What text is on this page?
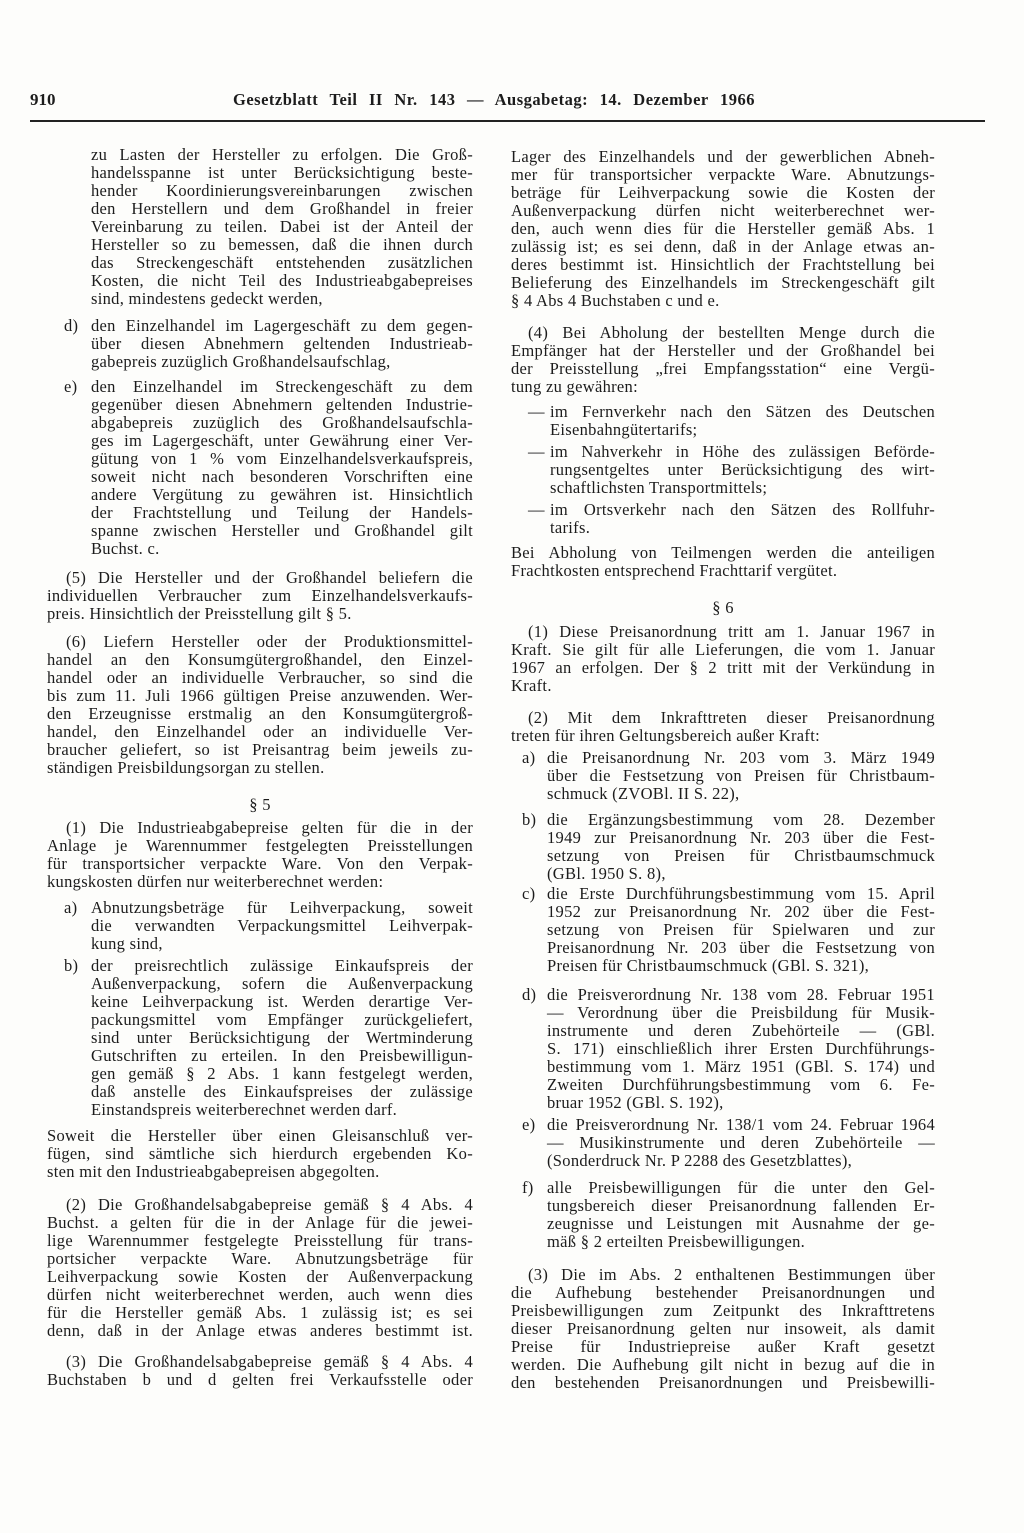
910	Gesetzblatt Teil II Nr. 143 — Ausgabetag: 14. Dezember 1966
zu Lasten der Hersteller zu erfolgen. Die Groß-
handelsspanne ist unter Berücksichtigung beste-
hender Koordinierungsvereinbarungen zwischen
den Herstellern und dem Großhandel in freier
Vereinbarung zu teilen. Dabei ist der Anteil der
Hersteller so zu bemessen, daß die ihnen durch
das Streckengeschäft entstehenden zusätzlichen
Kosten, die nicht Teil des Industrieabgabepreises
sind, mindestens gedeckt werden,
d) den Einzelhandel im Lagergeschäft zu dem gegen-
über diesen Abnehmern geltenden Industrieab-
gabepreis zuzüglich Großhandelsaufschlag,
e) den Einzelhandel im Streckengeschäft zu dem
gegenüber diesen Abnehmern geltenden Industrie-
abgabepreis zuzüglich des Großhandelsaufschla-
ges im Lagergeschäft, unter Gewährung einer Ver-
gütung von 1 % vom Einzelhandelsverkaufspreis,
soweit nicht nach besonderen Vorschriften eine
andere Vergütung zu gewähren ist. Hinsichtlich
der Frachtstellung und Teilung der Handels-
spanne zwischen Hersteller und Großhandel gilt
Buchst. c.
(5) Die Hersteller und der Großhandel beliefern die
individuellen Verbraucher zum Einzelhandelsverkaufs-
preis. Hinsichtlich der Preisstellung gilt § 5.
(6) Liefern Hersteller oder der Produktionsmittel-
handel an den Konsumgütergroßhandel, den Einzel-
handel oder an individuelle Verbraucher, so sind die
bis zum 11. Juli 1966 gültigen Preise anzuwenden. Wer-
den Erzeugnisse erstmalig an den Konsumgütergroß-
handel, den Einzelhandel oder an individuelle Ver-
braucher geliefert, so ist Preisantrag beim jeweils zu-
ständigen Preisbildungsorgan zu stellen.
§ 5
(1) Die Industrieabgabepreise gelten für die in der
Anlage je Warennummer festgelegten Preisstellungen
für transportsicher verpackte Ware. Von den Verpak-
kungskosten dürfen nur weiterberechnet werden:
a) Abnutzungsbeträge für Leihverpackung, soweit
die verwandten Verpackungsmittel Leihverpak-
kung sind,
b) der preisrechtlich zulässige Einkaufspreis der
Außenverpackung, sofern die Außenverpackung
keine Leihverpackung ist. Werden derartige Ver-
packungsmittel vom Empfänger zurückgeliefert,
sind unter Berücksichtigung der Wertminderung
Gutschriften zu erteilen. In den Preisbewilligun-
gen gemäß § 2 Abs. 1 kann festgelegt werden,
daß anstelle des Einkaufspreises der zulässige
Einstandspreis weiterberechnet werden darf.
Soweit die Hersteller über einen Gleisanschluß ver-
fügen, sind sämtliche sich hierdurch ergebenden Ko-
sten mit den Industrieabgabepreisen abgegolten.
(2) Die Großhandelsabgabepreise gemäß § 4 Abs. 4
Buchst. a gelten für die in der Anlage für die jewei-
lige Warennummer festgelegte Preisstellung für trans-
portsicher verpackte Ware. Abnutzungsbeträge für
Leihverpackung sowie Kosten der Außenverpackung
dürfen nicht weiterberechnet werden, auch wenn dies
für die Hersteller gemäß Abs. 1 zulässig ist; es sei
denn, daß in der Anlage etwas anderes bestimmt ist.
(3) Die Großhandelsabgabepreise gemäß § 4 Abs. 4
Buchstaben b und d gelten frei Verkaufsstelle oder
Lager des Einzelhandels und der gewerblichen Abneh-
mer für transportsicher verpackte Ware. Abnutzungs-
beträge für Leihverpackung sowie die Kosten der
Außenverpackung dürfen nicht weiterberechnet wer-
den, auch wenn dies für die Hersteller gemäß Abs. 1
zulässig ist; es sei denn, daß in der Anlage etwas an-
deres bestimmt ist. Hinsichtlich der Frachtstellung bei
Belieferung des Einzelhandels im Streckengeschäft gilt
§ 4 Abs 4 Buchstaben c und e.
(4) Bei Abholung der bestellten Menge durch die
Empfänger hat der Hersteller und der Großhandel bei
der Preisstellung „frei Empfangsstation“ eine Vergü-
tung zu gewähren:
— im Fernverkehr nach den Sätzen des Deutschen
Eisenbahngütertarifs;
— im Nahverkehr in Höhe des zulässigen Beförde-
rungsentgeltes unter Berücksichtigung des wirt-
schaftlichsten Transportmittels;
— im Ortsverkehr nach den Sätzen des Rollfuhr-
tarifs.
Bei Abholung von Teilmengen werden die anteiligen
Frachtkosten entsprechend Frachttarif vergütet.
§ 6
(1) Diese Preisanordnung tritt am 1. Januar 1967 in
Kraft. Sie gilt für alle Lieferungen, die vom 1. Januar
1967 an erfolgen. Der § 2 tritt mit der Verkündung in
Kraft.
(2) Mit dem Inkrafttreten dieser Preisanordnung
treten für ihren Geltungsbereich außer Kraft:
a) die Preisanordnung Nr. 203 vom 3. März 1949
über die Festsetzung von Preisen für Christbaum-
schmuck (ZVOBl. II S. 22),
b) die Ergänzungsbestimmung vom 28. Dezember
1949 zur Preisanordnung Nr. 203 über die Fest-
setzung von Preisen für Christbaumschmuck
(GBl. 1950 S. 8),
c) die Erste Durchführungsbestimmung vom 15. April
1952 zur Preisanordnung Nr. 202 über die Fest-
setzung von Preisen für Spielwaren und zur
Preisanordnung Nr. 203 über die Festsetzung von
Preisen für Christbaumschmuck (GBl. S. 321),
d) die Preisverordnung Nr. 138 vom 28. Februar 1951
— Verordnung über die Preisbildung für Musik-
instrumente und deren Zubehörteile — (GBl.
S. 171) einschließlich ihrer Ersten Durchführungs-
bestimmung vom 1. März 1951 (GBl. S. 174) und
Zweiten Durchführungsbestimmung vom 6. Fe-
bruar 1952 (GBl. S. 192),
e) die Preisverordnung Nr. 138/1 vom 24. Februar 1964
— Musikinstrumente und deren Zubehörteile —
(Sonderdruck Nr. P 2288 des Gesetzblattes),
f) alle Preisbewilligungen für die unter den Gel-
tungsbereich dieser Preisanordnung fallenden Er-
zeugnisse und Leistungen mit Ausnahme der ge-
mäß § 2 erteilten Preisbewilligungen.
(3) Die im Abs. 2 enthaltenen Bestimmungen über
die Aufhebung bestehender Preisanordnungen und
Preisbewilligungen zum Zeitpunkt des Inkrafttretens
dieser Preisanordnung gelten nur insoweit, als damit
Preise für Industriepreise außer Kraft gesetzt
werden. Die Aufhebung gilt nicht in bezug auf die in
den bestehenden Preisanordnungen und Preisbewilli-
